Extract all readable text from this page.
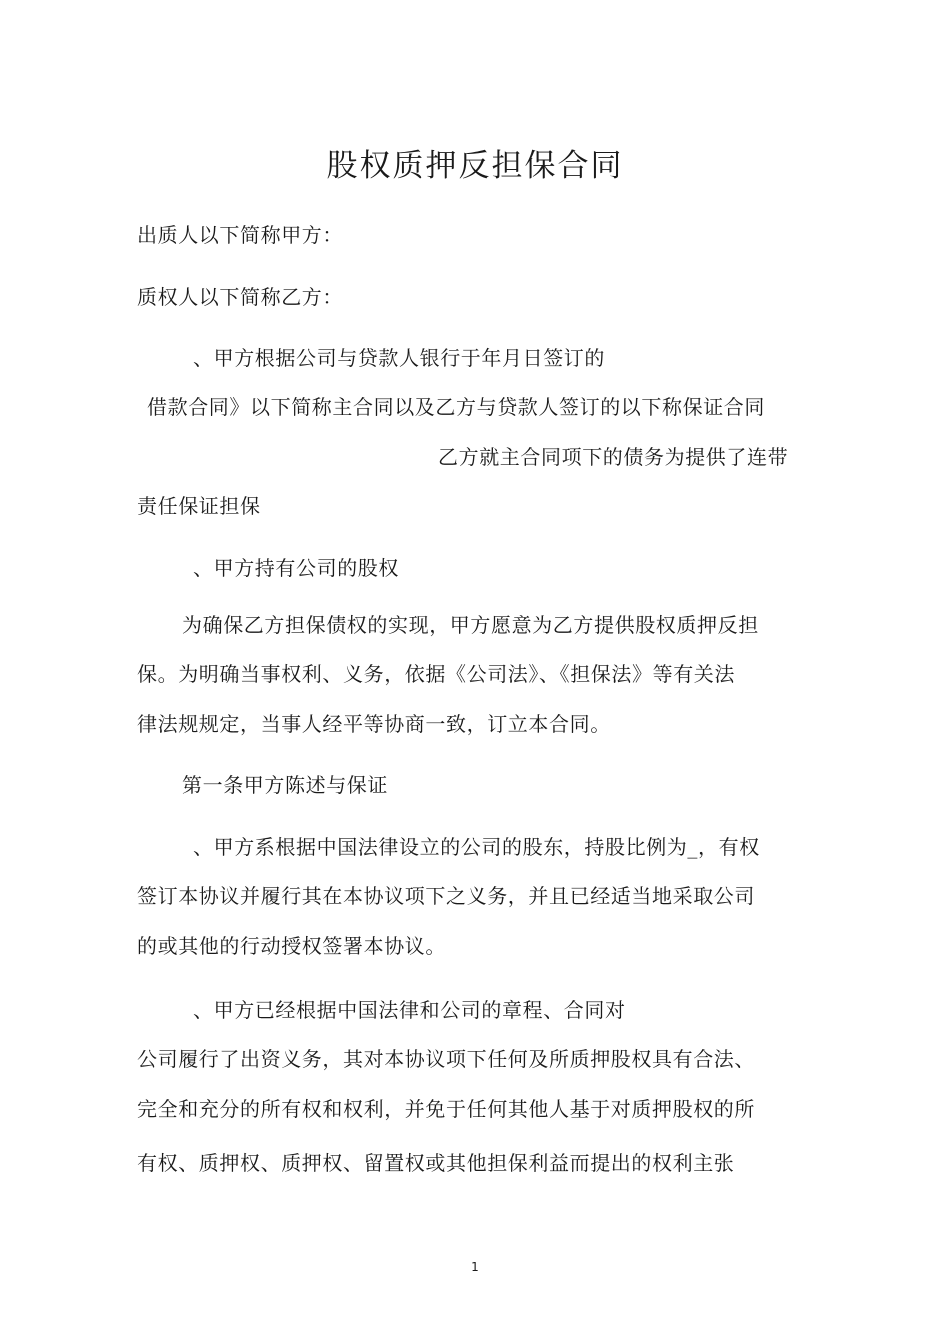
股权质押反担保合同
出质人以下简称甲方：
质权人以下简称乙方：
、甲方根据公司与贷款人银行于年月日签订的
借款合同》以下简称主合同以及乙方与贷款人签订的以下称保证合同
乙方就主合同项下的债务为提供了连带
责任保证担保
、甲方持有公司的股权
为确保乙方担保债权的实现，甲方愿意为乙方提供股权质押反担
保。为明确当事权利、义务，依据《公司法》、《担保法》等有关法
律法规规定，当事人经平等协商一致，订立本合同。
第一条甲方陈述与保证
、甲方系根据中国法律设立的公司的股东，持股比例为_，有权
签订本协议并履行其在本协议项下之义务，并且已经适当地采取公司
的或其他的行动授权签署本协议。
、甲方已经根据中国法律和公司的章程、合同对
公司履行了出资义务，其对本协议项下任何及所质押股权具有合法、
完全和充分的所有权和权利，并免于任何其他人基于对质押股权的所
有权、质押权、质押权、留置权或其他担保利益而提出的权利主张
1
